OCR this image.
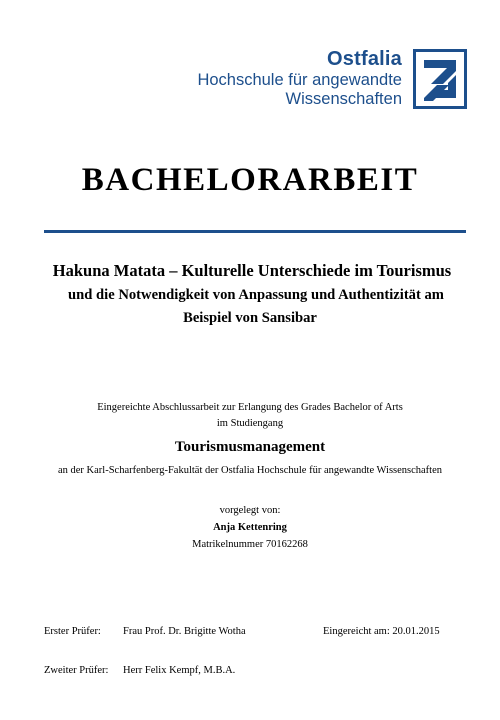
Ostfalia
Hochschule für angewandte
Wissenschaften
BACHELORARBEIT
Hakuna Matata – Kulturelle Unterschiede im Tourismus
und die Notwendigkeit von Anpassung und Authentizität am
Beispiel von Sansibar
Eingereichte Abschlussarbeit zur Erlangung des Grades Bachelor of Arts
im Studiengang
Tourismusmanagement
an der Karl-Scharfenberg-Fakultät der Ostfalia Hochschule für angewandte Wissenschaften
vorgelegt von:
Anja Kettenring
Matrikelnummer 70162268
Erster Prüfer:	Frau Prof. Dr. Brigitte Wotha	Eingereicht am: 20.01.2015
Zweiter Prüfer:	Herr Felix Kempf, M.B.A.
